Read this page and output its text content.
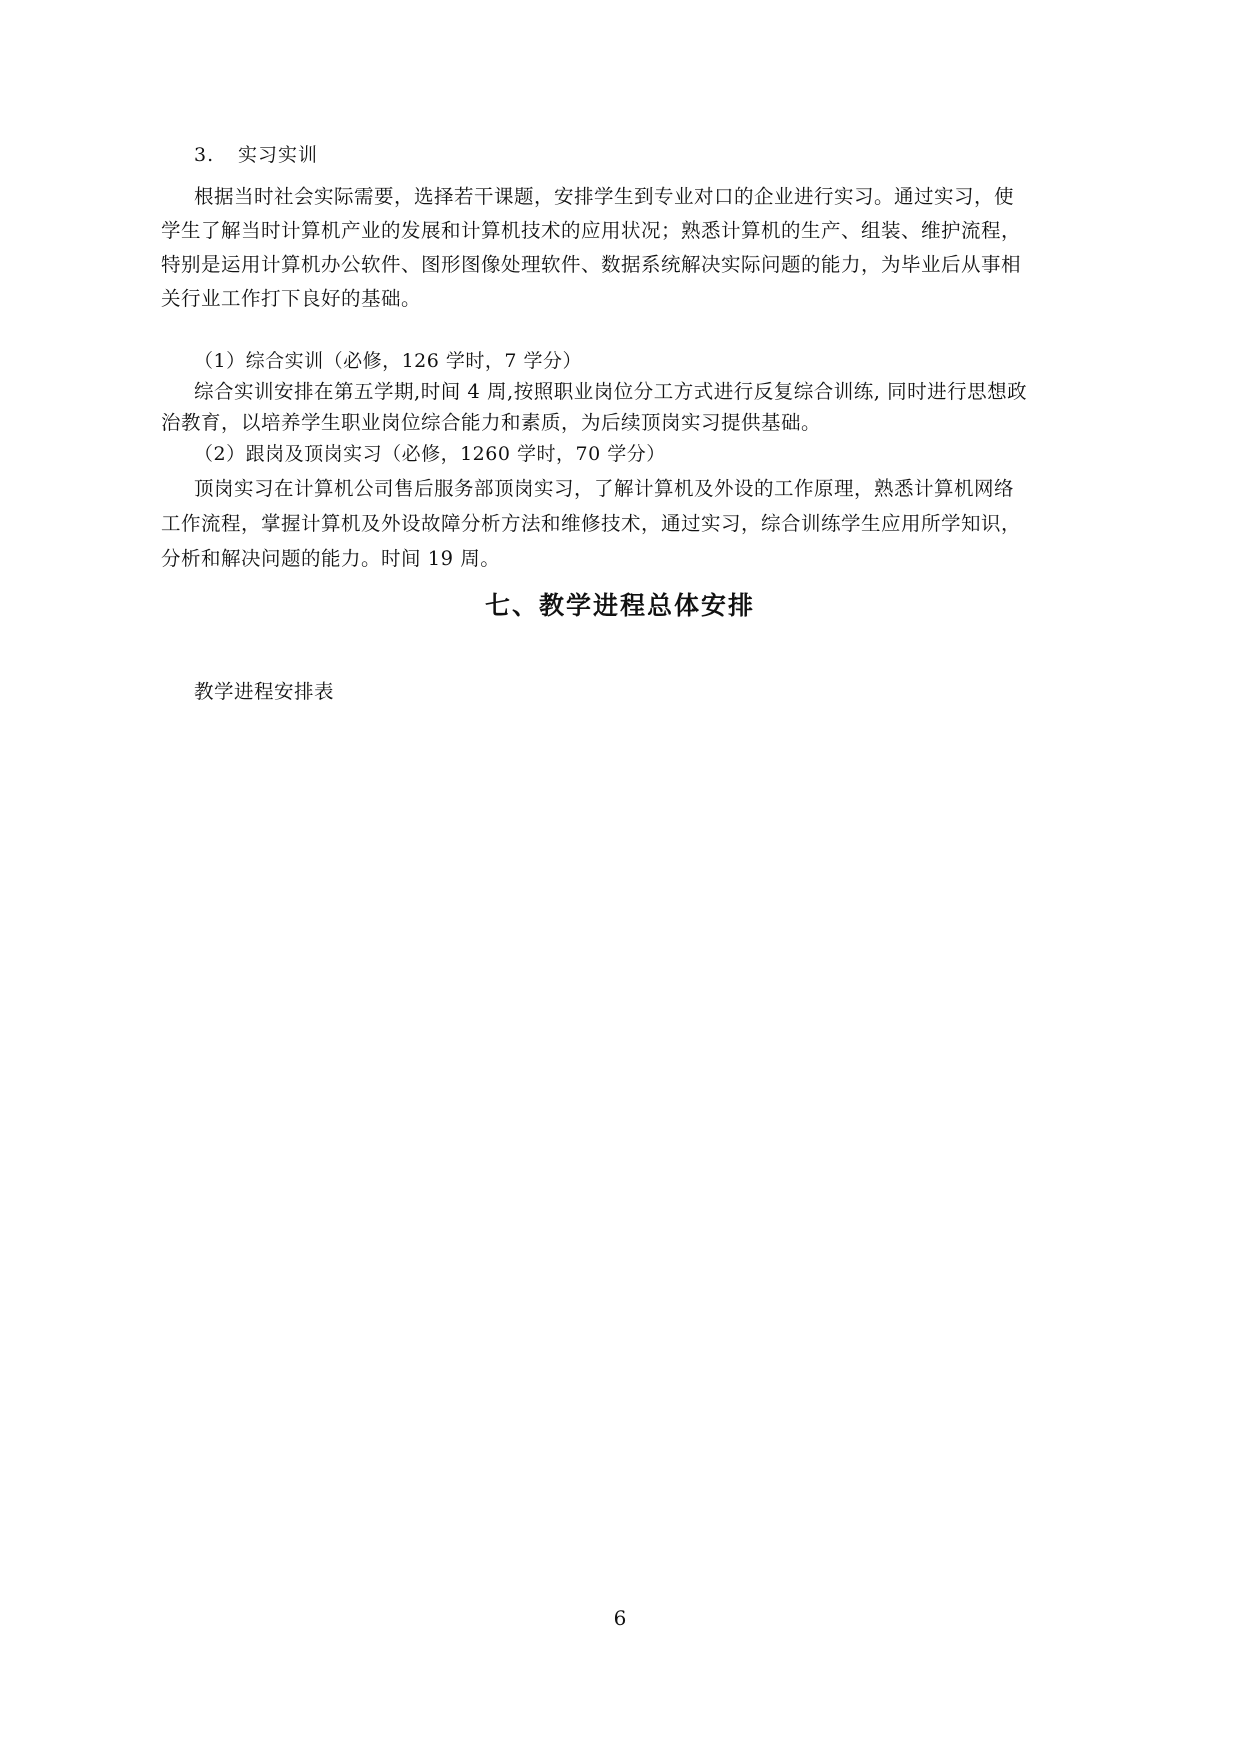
3. 实习实训
根据当时社会实际需要，选择若干课题，安排学生到专业对口的企业进行实习。通过实习，使
学生了解当时计算机产业的发展和计算机技术的应用状况；熟悉计算机的生产、组装、维护流程，
特别是运用计算机办公软件、图形图像处理软件、数据系统解决实际问题的能力，为毕业后从事相
关行业工作打下良好的基础。
（1）综合实训（必修，126 学时，7 学分）
综合实训安排在第五学期,时间 4 周,按照职业岗位分工方式进行反复综合训练, 同时进行思想政
治教育，以培养学生职业岗位综合能力和素质，为后续顶岗实习提供基础。
（2）跟岗及顶岗实习（必修，1260 学时，70 学分）
顶岗实习在计算机公司售后服务部顶岗实习，了解计算机及外设的工作原理，熟悉计算机网络
工作流程，掌握计算机及外设故障分析方法和维修技术，通过实习，综合训练学生应用所学知识，
分析和解决问题的能力。时间 19 周。
七、教学进程总体安排
教学进程安排表
6
